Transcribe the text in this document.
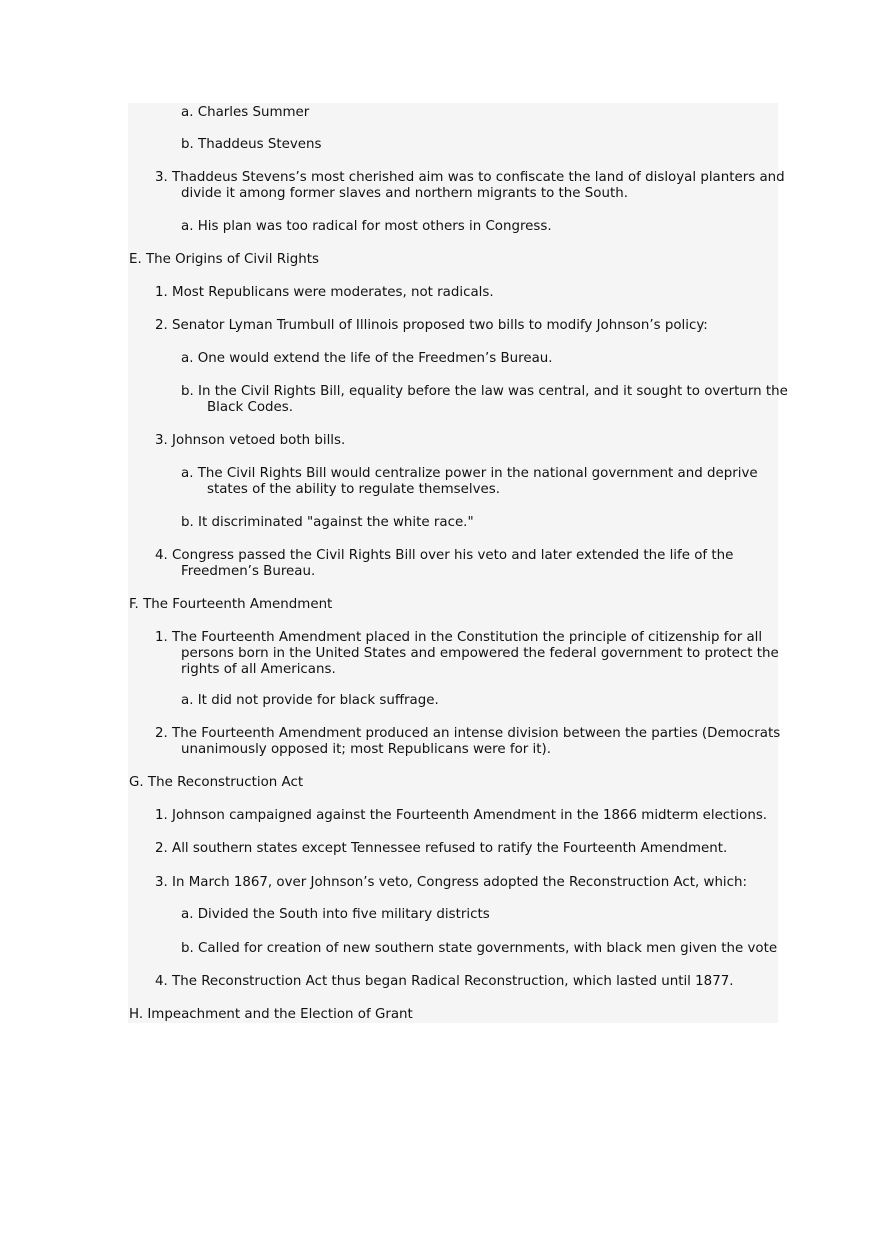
a. Charles Summer
b. Thaddeus Stevens
3. Thaddeus Stevens’s most cherished aim was to confiscate the land of disloyal planters and
divide it among former slaves and northern migrants to the South.
a. His plan was too radical for most others in Congress.
E. The Origins of Civil Rights
1. Most Republicans were moderates, not radicals.
2. Senator Lyman Trumbull of Illinois proposed two bills to modify Johnson’s policy:
a. One would extend the life of the Freedmen’s Bureau.
b. In the Civil Rights Bill, equality before the law was central, and it sought to overturn the
Black Codes.
3. Johnson vetoed both bills.
a. The Civil Rights Bill would centralize power in the national government and deprive
states of the ability to regulate themselves.
b. It discriminated "against the white race."
4. Congress passed the Civil Rights Bill over his veto and later extended the life of the
Freedmen’s Bureau.
F. The Fourteenth Amendment
1. The Fourteenth Amendment placed in the Constitution the principle of citizenship for all
persons born in the United States and empowered the federal government to protect the
rights of all Americans.
a. It did not provide for black suffrage.
2. The Fourteenth Amendment produced an intense division between the parties (Democrats
unanimously opposed it; most Republicans were for it).
G. The Reconstruction Act
1. Johnson campaigned against the Fourteenth Amendment in the 1866 midterm elections.
2. All southern states except Tennessee refused to ratify the Fourteenth Amendment.
3. In March 1867, over Johnson’s veto, Congress adopted the Reconstruction Act, which:
a. Divided the South into five military districts
b. Called for creation of new southern state governments, with black men given the vote
4. The Reconstruction Act thus began Radical Reconstruction, which lasted until 1877.
H. Impeachment and the Election of Grant
